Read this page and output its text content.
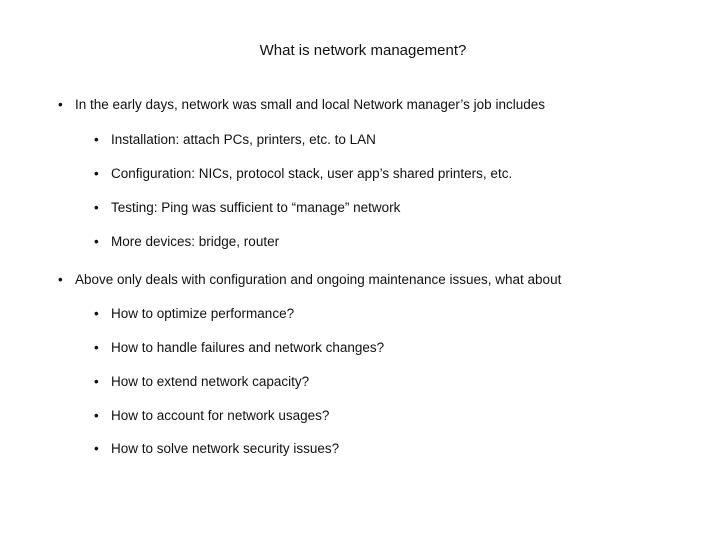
What is network management?
• In the early days, network was small and local Network manager’s job includes
• Installation: attach PCs, printers, etc. to LAN
• Configuration: NICs, protocol stack, user app’s shared printers, etc.
• Testing: Ping was sufficient to “manage” network
• More devices: bridge, router
• Above only deals with configuration and ongoing maintenance issues, what about
• How to optimize performance?
• How to handle failures and network changes?
• How to extend network capacity?
• How to account for network usages?
• How to solve network security issues?
